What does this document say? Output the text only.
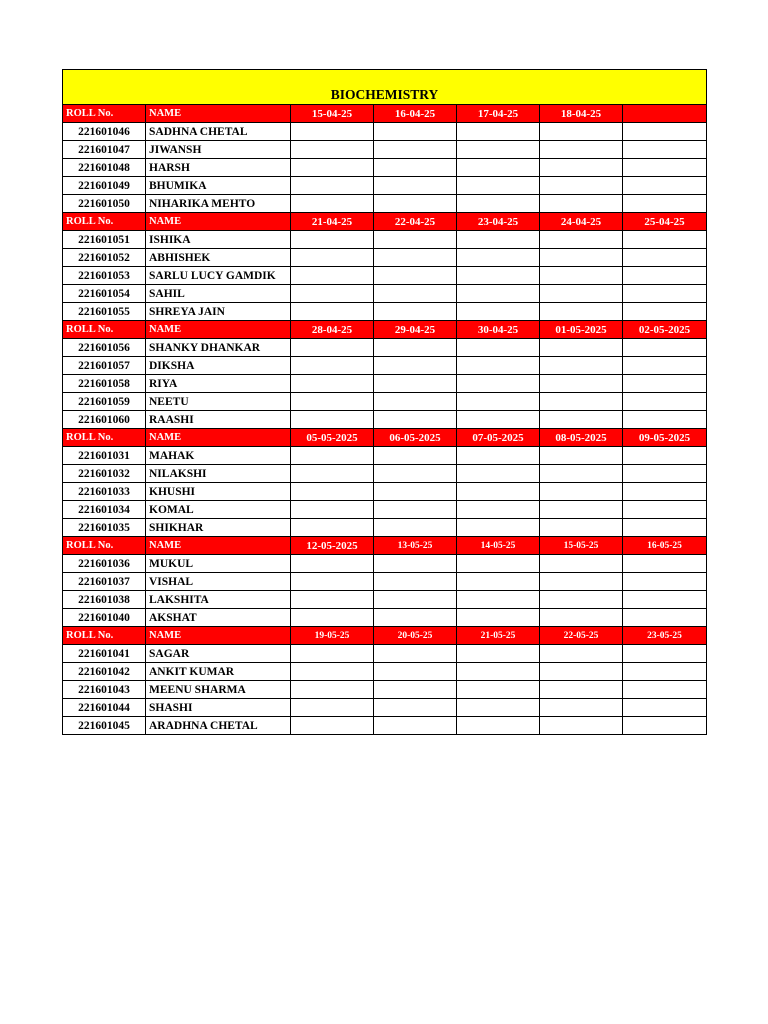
BIOCHEMISTRY						
ROLL No.	NAME	15-04-25	16-04-25	17-04-25	18-04-25	
221601046	SADHNA CHETAL					
221601047	JIWANSH					
221601048	HARSH					
221601049	BHUMIKA					
221601050	NIHARIKA MEHTO					
ROLL No.	NAME	21-04-25	22-04-25	23-04-25	24-04-25	25-04-25
221601051	ISHIKA					
221601052	ABHISHEK					
221601053	SARLU LUCY GAMDIK					
221601054	SAHIL					
221601055	SHREYA JAIN					
ROLL No.	NAME	28-04-25	29-04-25	30-04-25	01-05-2025	02-05-2025
221601056	SHANKY DHANKAR					
221601057	DIKSHA					
221601058	RIYA					
221601059	NEETU					
221601060	RAASHI					
ROLL No.	NAME	05-05-2025	06-05-2025	07-05-2025	08-05-2025	09-05-2025
221601031	MAHAK					
221601032	NILAKSHI					
221601033	KHUSHI					
221601034	KOMAL					
221601035	SHIKHAR					
ROLL No.	NAME	12-05-2025	13-05-25	14-05-25	15-05-25	16-05-25
221601036	MUKUL					
221601037	VISHAL					
221601038	LAKSHITA					
221601040	AKSHAT					
ROLL No.	NAME	19-05-25	20-05-25	21-05-25	22-05-25	23-05-25
221601041	SAGAR					
221601042	ANKIT KUMAR					
221601043	MEENU SHARMA					
221601044	SHASHI					
221601045	ARADHNA CHETAL					
